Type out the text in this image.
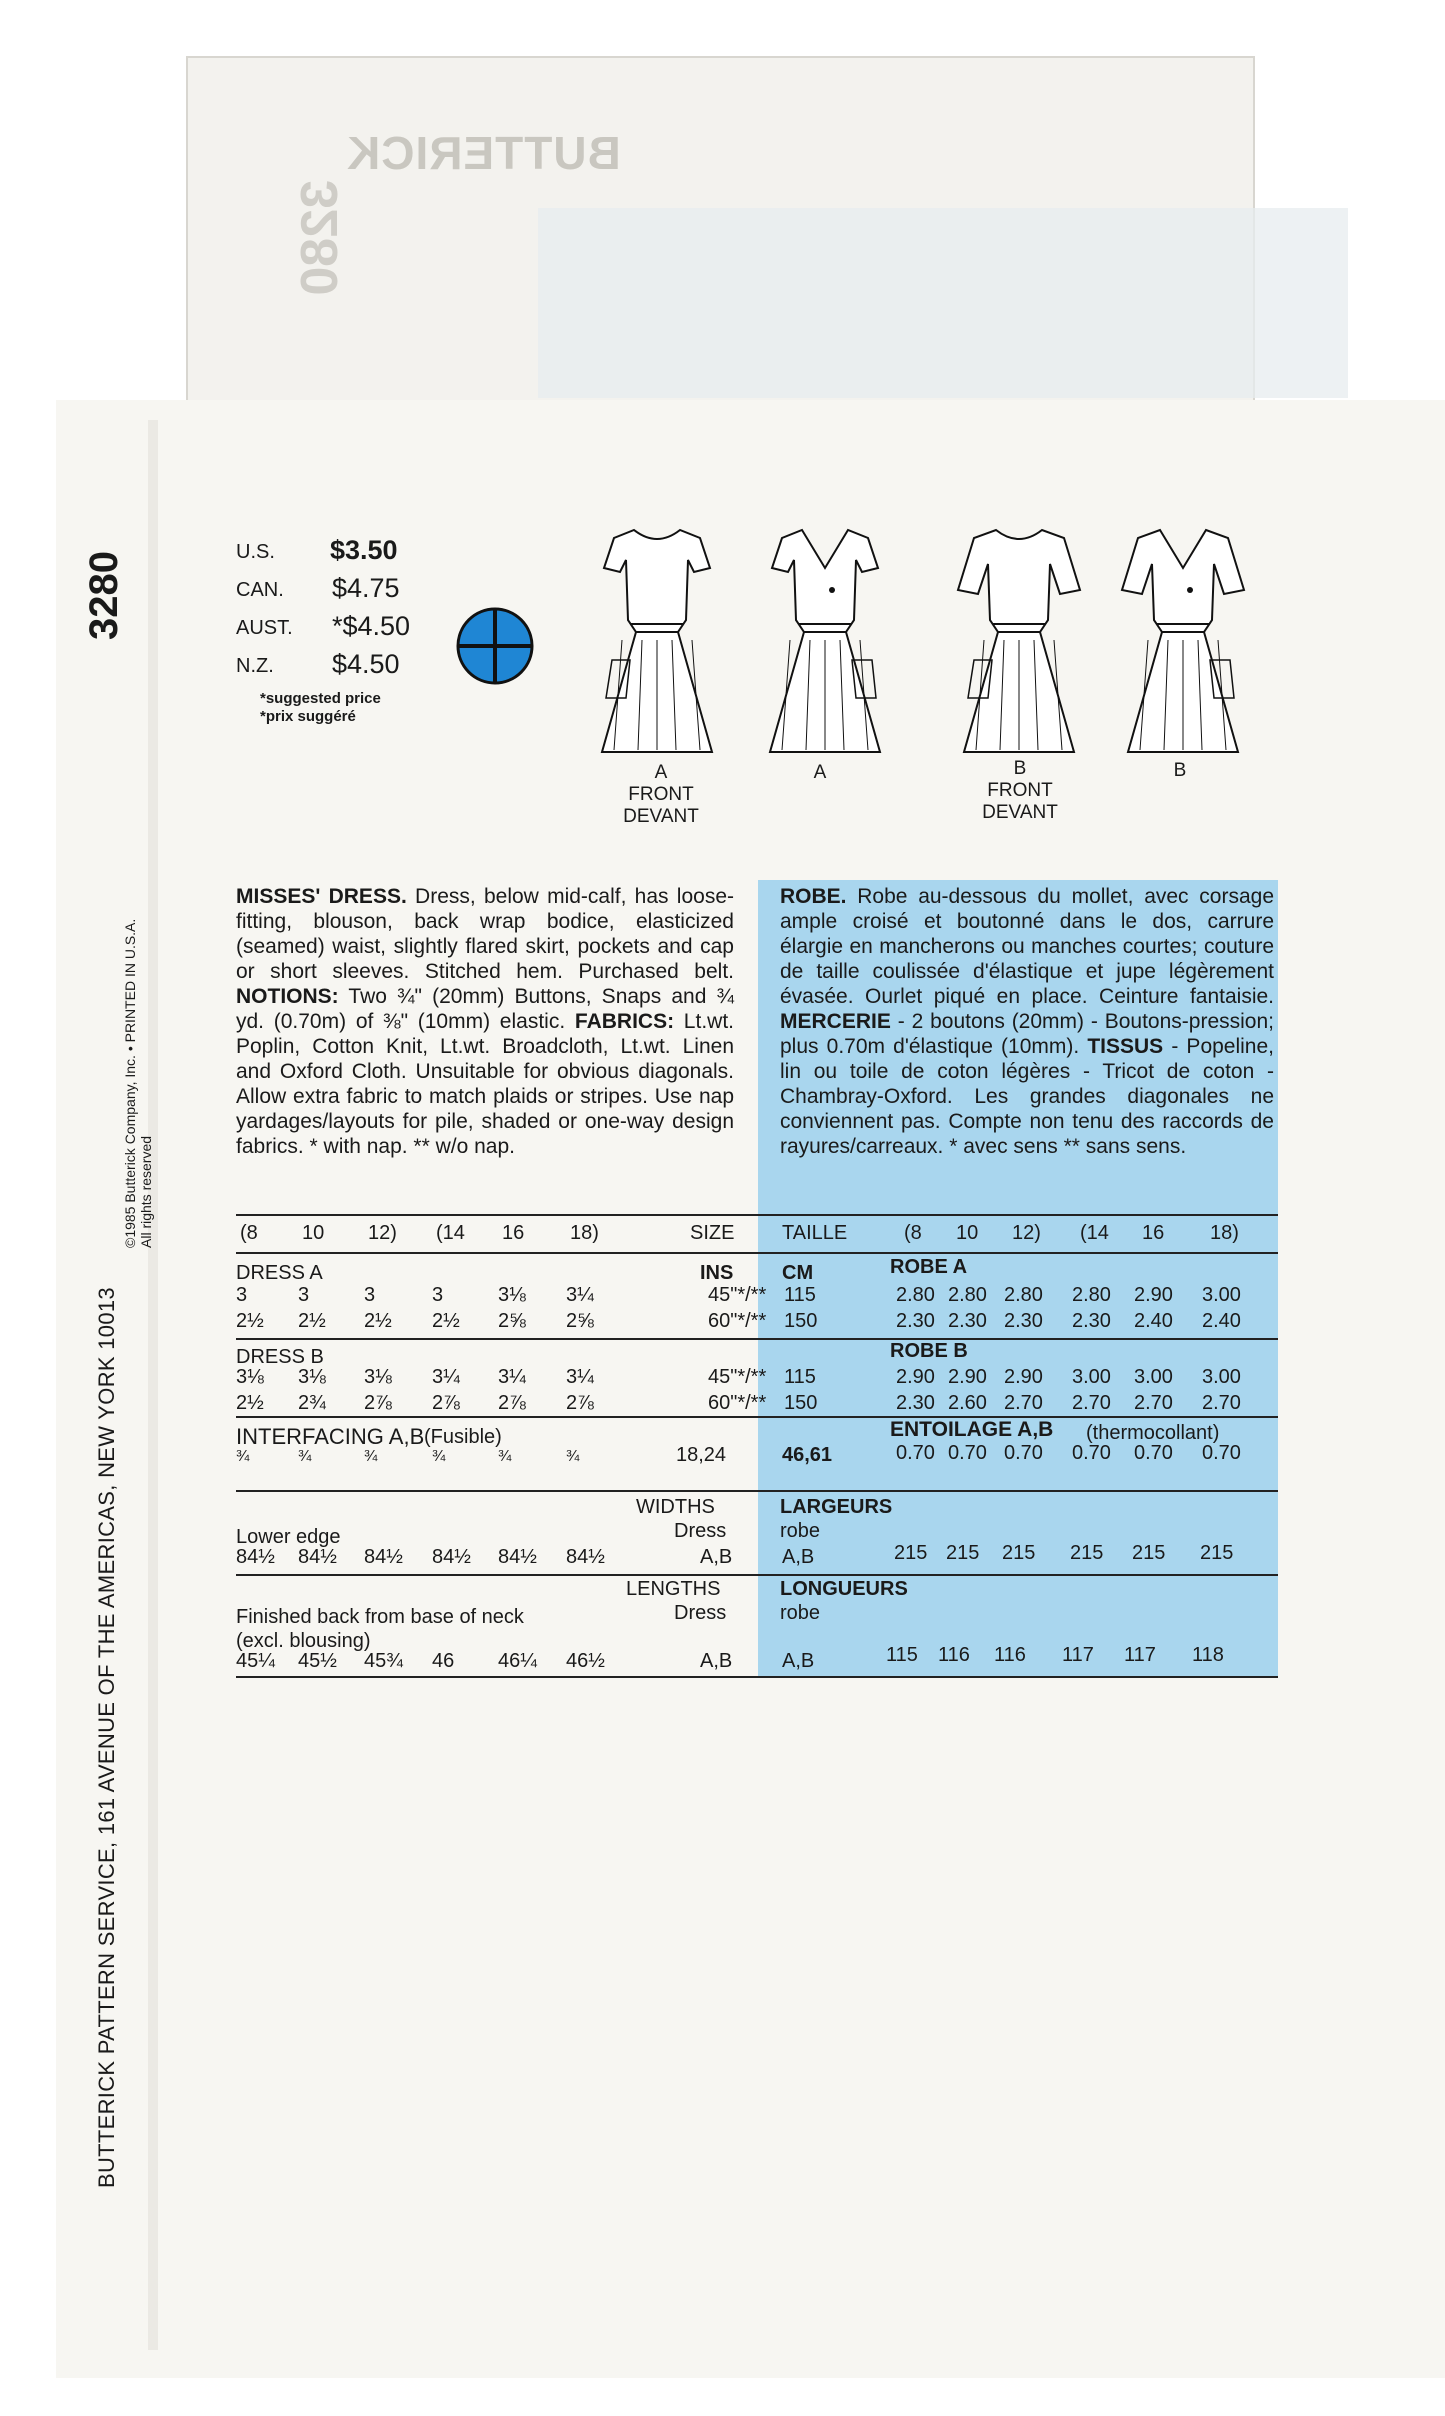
BUTTERICK
3280
BUTTERICK PATTERN SERVICE, 161 AVENUE OF THE AMERICAS, NEW YORK 10013
©1985 Butterick Company, Inc. • PRINTED IN U.S.A. All rights reserved
3280	U.S. $3.50
CAN. $4.75
AUST. *$4.50
N.Z. $4.50
*suggested price
*prix suggéré
A
FRONT
DEVANT
A	B
FRONT
DEVANT
B
MISSES' DRESS. Dress, below mid-calf, has loose-fitting, blouson, back wrap bodice, elasticized (seamed) waist, slightly flared skirt, pockets and cap or short sleeves. Stitched hem. Purchased belt. NOTIONS: Two ¾" (20mm) Buttons, Snaps and ¾ yd. (0.70m) of ⅜" (10mm) elastic. FABRICS: Lt.wt. Poplin, Cotton Knit, Lt.wt. Broadcloth, Lt.wt. Linen and Oxford Cloth. Unsuitable for obvious diagonals. Allow extra fabric to match plaids or stripes. Use nap yardages/layouts for pile, shaded or one-way design fabrics. * with nap. ** w/o nap.
ROBE. Robe au-dessous du mollet, avec corsage ample croisé et boutonné dans le dos, carrure élargie en mancherons ou manches courtes; couture de taille coulissée d'élastique et jupe légèrement évasée. Ourlet piqué en place. Ceinture fantaisie. MERCERIE - 2 boutons (20mm) - Boutons-pression; plus 0.70m d'élastique (10mm). TISSUS - Popeline, lin ou toile de coton légères - Tricot de coton - Chambray-Oxford. Les grandes diagonales ne conviennent pas. Compte non tenu des raccords de rayures/carreaux. * avec sens ** sans sens.
(8 10 12) (14 16 18)	SIZE TAILLE	(8 10 12) (14 16 18)
DRESS A	INS CM	ROBE A
3	3	3	3	3⅛ 3¼	45"*/** 115	2.80 2.80 2.80 2.80 2.90 3.00
2½ 2½ 2½ 2½ 2⅝ 2⅝	60"*/** 150	2.30 2.30 2.30 2.30 2.40 2.40
DRESS B	ROBE B
3⅛ 3⅛ 3⅛ 3¼ 3¼ 3¼	45"*/** 115	2.90 2.90 2.90 3.00 3.00 3.00
2½ 2¾ 2⅞ 2⅞ 2⅞ 2⅞	60"*/** 150	2.30 2.60 2.70 2.70 2.70 2.70
INTERFACING A,B (Fusible)	ENTOILAGE A,B (thermocollant)
¾	¾	¾	¾	¾	¾	18,24	46,61	0.70 0.70 0.70 0.70 0.70 0.70
WIDTHS	LARGEURS
Dress	robe
Lower edge
84½ 84½ 84½ 84½ 84½ 84½	A,B A,B	215 215 215 215 215 215
LENGTHS	LONGUEURS
Dress	robe
Finished back from base of neck
(excl. blousing)
45¼ 45½ 45¾ 46 46¼ 46½	A,B A,B	115 116 116 117 117 118
